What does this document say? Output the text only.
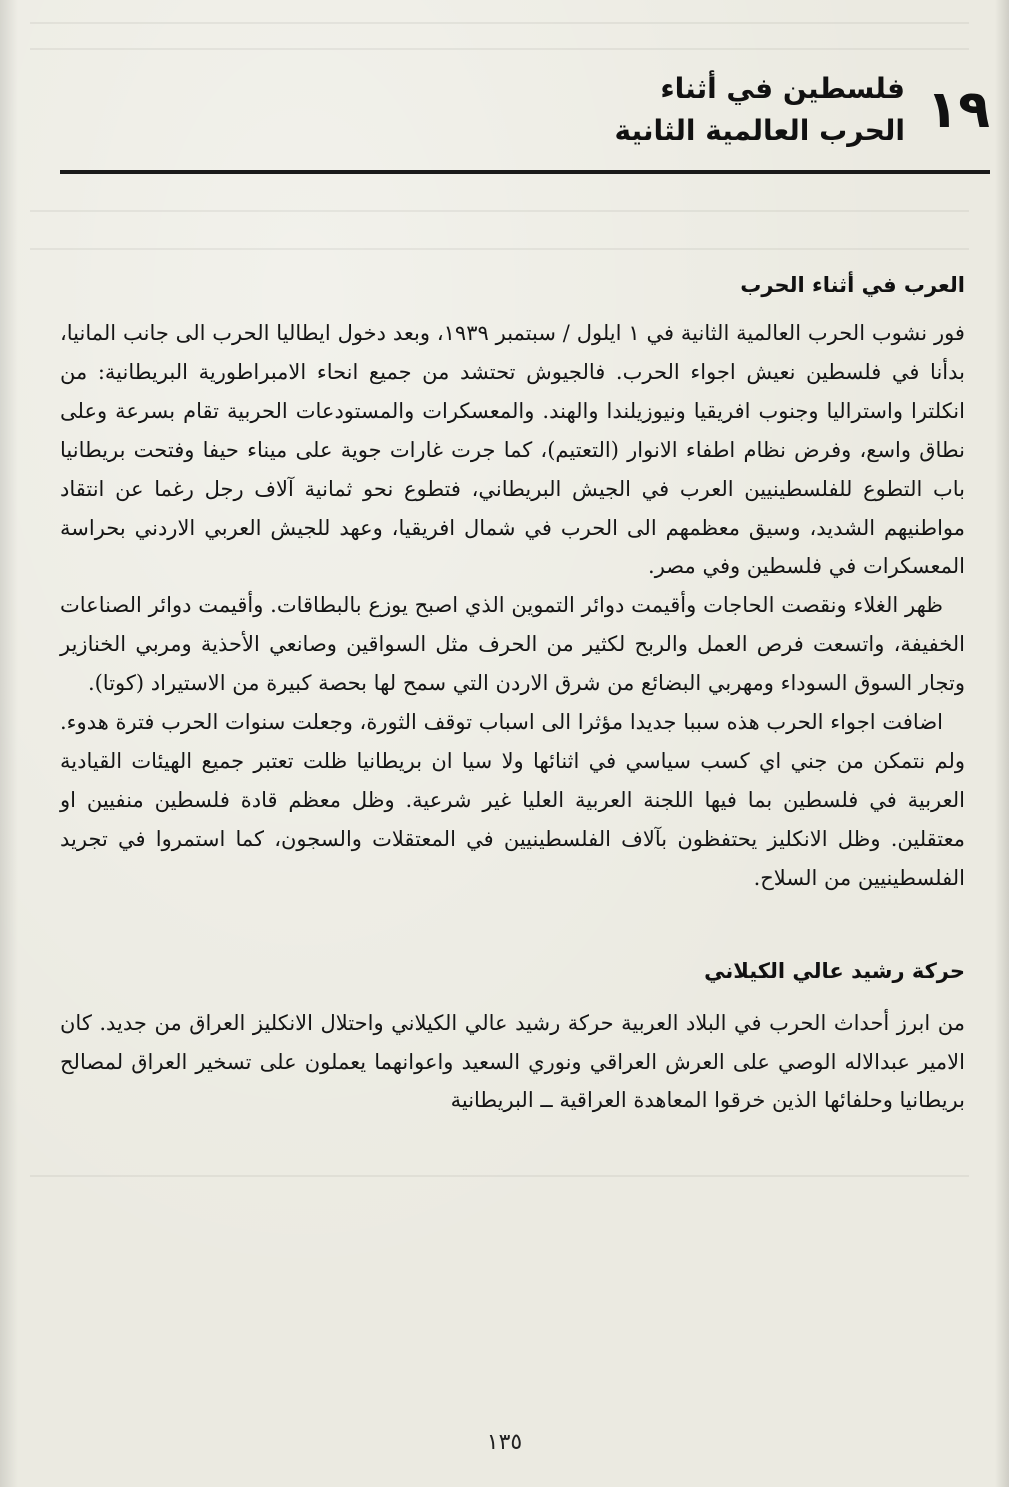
١٩
فلسطين في أثناء
الحرب العالمية الثانية
العرب في أثناء الحرب

فور نشوب الحرب العالمية الثانية في ١ ايلول / سبتمبر ١٩٣٩، وبعد دخول ايطاليا الحرب الى جانب المانيا، بدأنا في فلسطين نعيش اجواء الحرب. فالجيوش تحتشد من جميع انحاء الامبراطورية البريطانية: من انكلترا واستراليا وجنوب افريقيا ونيوزيلندا والهند. والمعسكرات والمستودعات الحربية تقام بسرعة وعلى نطاق واسع، وفرض نظام اطفاء الانوار (التعتيم)، كما جرت غارات جوية على ميناء حيفا وفتحت بريطانيا باب التطوع للفلسطينيين العرب في الجيش البريطاني، فتطوع نحو ثمانية آلاف رجل رغما عن انتقاد مواطنيهم الشديد، وسيق معظمهم الى الحرب في شمال افريقيا، وعهد للجيش العربي الاردني بحراسة المعسكرات في فلسطين وفي مصر.

ظهر الغلاء ونقصت الحاجات وأقيمت دوائر التموين الذي اصبح يوزع بالبطاقات. وأقيمت دوائر الصناعات الخفيفة، واتسعت فرص العمل والربح لكثير من الحرف مثل السواقين وصانعي الأحذية ومربي الخنازير وتجار السوق السوداء ومهربي البضائع من شرق الاردن التي سمح لها بحصة كبيرة من الاستيراد (كوتا).

اضافت اجواء الحرب هذه سببا جديدا مؤثرا الى اسباب توقف الثورة، وجعلت سنوات الحرب فترة هدوء. ولم نتمكن من جني اي كسب سياسي في اثنائها ولا سيا ان بريطانيا ظلت تعتبر جميع الهيئات القيادية العربية في فلسطين بما فيها اللجنة العربية العليا غير شرعية. وظل معظم قادة فلسطين منفيين او معتقلين. وظل الانكليز يحتفظون بآلاف الفلسطينيين في المعتقلات والسجون، كما استمروا في تجريد الفلسطينيين من السلاح.

حركة رشيد عالي الكيلاني

من ابرز أحداث الحرب في البلاد العربية حركة رشيد عالي الكيلاني واحتلال الانكليز العراق من جديد. كان الامير عبدالاله الوصي على العرش العراقي ونوري السعيد واعوانهما يعملون على تسخير العراق لمصالح بريطانيا وحلفائها الذين خرقوا المعاهدة العراقية ــ البريطانية

١٣٥
